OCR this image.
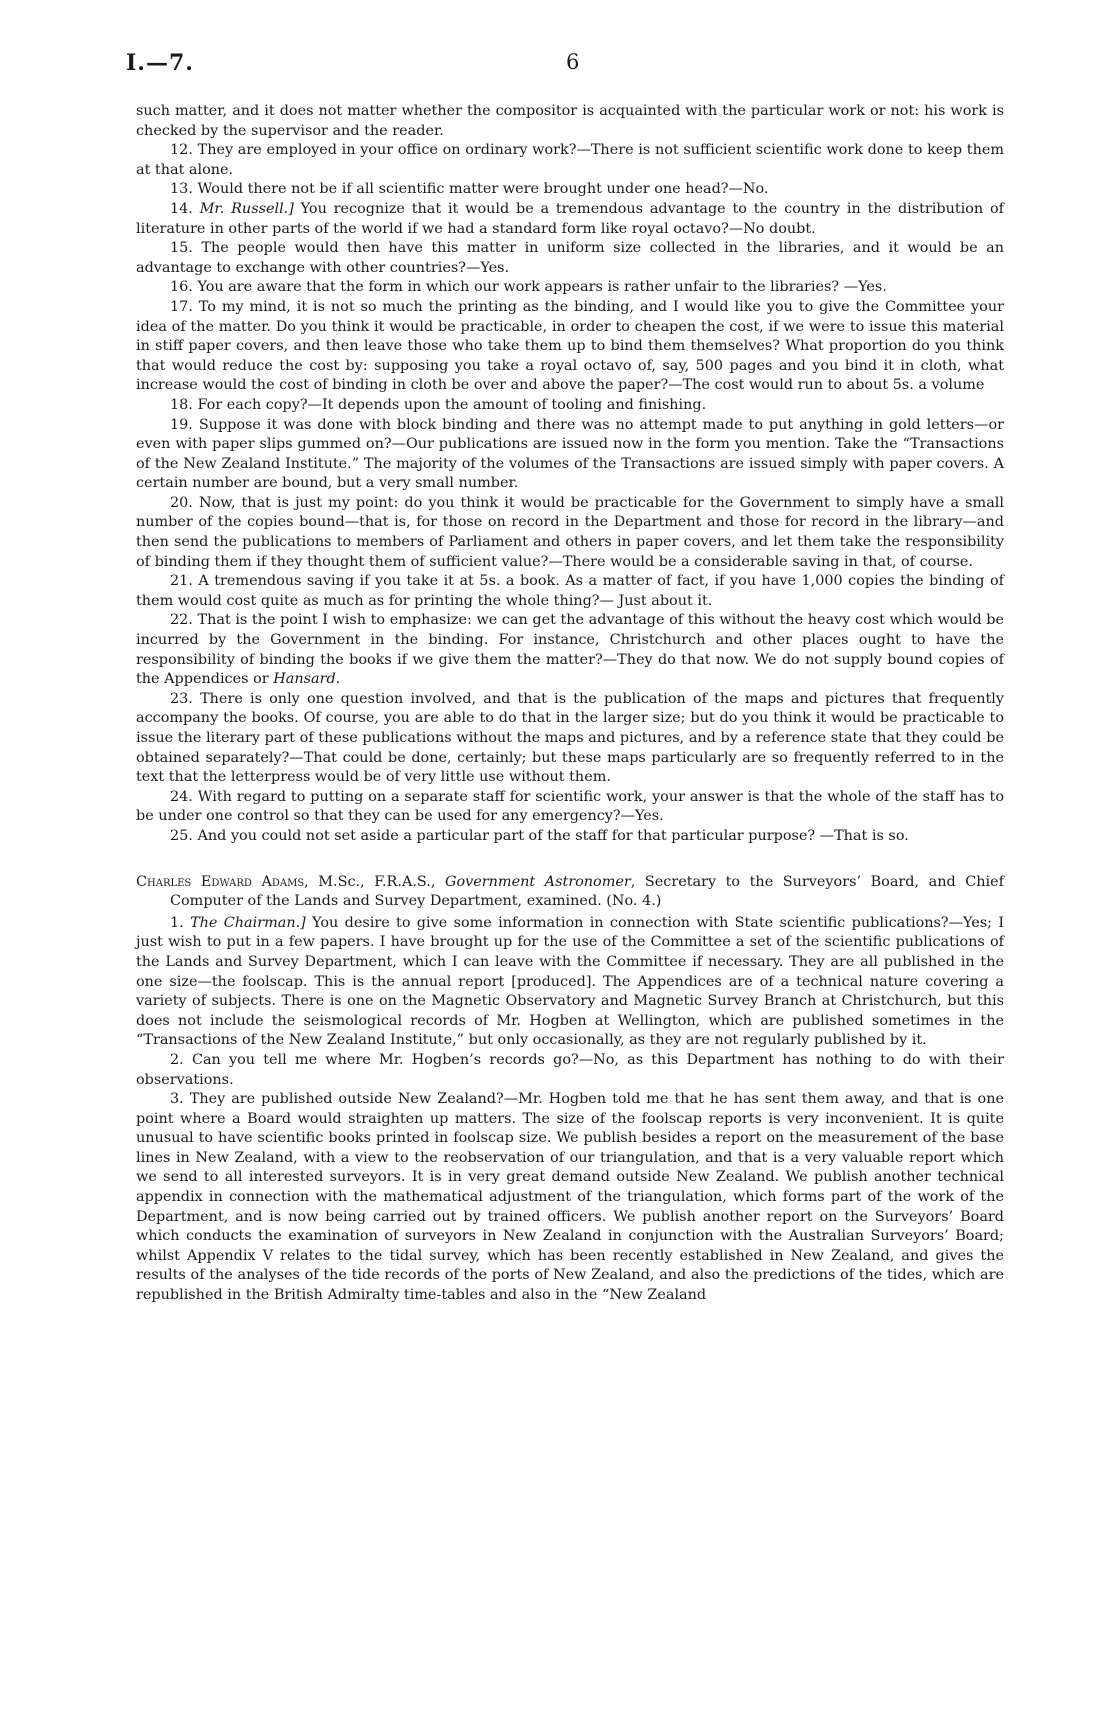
I.—7.	6

such matter, and it does not matter whether the compositor is acquainted with the particular work or not: his work is checked by the supervisor and the reader.

12. They are employed in your office on ordinary work?—There is not sufficient scientific work done to keep them at that alone.

13. Would there not be if all scientific matter were brought under one head?—No.

14. Mr. Russell.] You recognize that it would be a tremendous advantage to the country in the distribution of literature in other parts of the world if we had a standard form like royal octavo?—No doubt.

15. The people would then have this matter in uniform size collected in the libraries, and it would be an advantage to exchange with other countries?—Yes.

16. You are aware that the form in which our work appears is rather unfair to the libraries? —Yes.

17. To my mind, it is not so much the printing as the binding, and I would like you to give the Committee your idea of the matter. Do you think it would be practicable, in order to cheapen the cost, if we were to issue this material in stiff paper covers, and then leave those who take them up to bind them themselves? What proportion do you think that would reduce the cost by: supposing you take a royal octavo of, say, 500 pages and you bind it in cloth, what increase would the cost of binding in cloth be over and above the paper?—The cost would run to about 5s. a volume

18. For each copy?—It depends upon the amount of tooling and finishing.

19. Suppose it was done with block binding and there was no attempt made to put anything in gold letters—or even with paper slips gummed on?—Our publications are issued now in the form you mention. Take the “Transactions of the New Zealand Institute.” The majority of the volumes of the Transactions are issued simply with paper covers. A certain number are bound, but a very small number.

20. Now, that is just my point: do you think it would be practicable for the Government to simply have a small number of the copies bound—that is, for those on record in the Department and those for record in the library—and then send the publications to members of Parliament and others in paper covers, and let them take the responsibility of binding them if they thought them of sufficient value?—There would be a considerable saving in that, of course.

21. A tremendous saving if you take it at 5s. a book. As a matter of fact, if you have 1,000 copies the binding of them would cost quite as much as for printing the whole thing?— Just about it.

22. That is the point I wish to emphasize: we can get the advantage of this without the heavy cost which would be incurred by the Government in the binding. For instance, Christchurch and other places ought to have the responsibility of binding the books if we give them the matter?—They do that now. We do not supply bound copies of the Appendices or Hansard.

23. There is only one question involved, and that is the publication of the maps and pictures that frequently accompany the books. Of course, you are able to do that in the larger size; but do you think it would be practicable to issue the literary part of these publications without the maps and pictures, and by a reference state that they could be obtained separately?—That could be done, certainly; but these maps particularly are so frequently referred to in the text that the letterpress would be of very little use without them.

24. With regard to putting on a separate staff for scientific work, your answer is that the whole of the staff has to be under one control so that they can be used for any emergency?—Yes.

25. And you could not set aside a particular part of the staff for that particular purpose? —That is so.

Charles Edward Adams, M.Sc., F.R.A.S., Government Astronomer, Secretary to the Surveyors’ Board, and Chief Computer of the Lands and Survey Department, examined. (No. 4.)

1. The Chairman.] You desire to give some information in connection with State scientific publications?—Yes; I just wish to put in a few papers. I have brought up for the use of the Committee a set of the scientific publications of the Lands and Survey Department, which I can leave with the Committee if necessary. They are all published in the one size—the foolscap. This is the annual report [produced]. The Appendices are of a technical nature covering a variety of subjects. There is one on the Magnetic Observatory and Magnetic Survey Branch at Christchurch, but this does not include the seismological records of Mr. Hogben at Wellington, which are published sometimes in the “Transactions of the New Zealand Institute,” but only occasionally, as they are not regularly published by it.

2. Can you tell me where Mr. Hogben’s records go?—No, as this Department has nothing to do with their observations.

3. They are published outside New Zealand?—Mr. Hogben told me that he has sent them away, and that is one point where a Board would straighten up matters. The size of the foolscap reports is very inconvenient. It is quite unusual to have scientific books printed in foolscap size. We publish besides a report on the measurement of the base lines in New Zealand, with a view to the reobservation of our triangulation, and that is a very valuable report which we send to all interested surveyors. It is in very great demand outside New Zealand. We publish another technical appendix in connection with the mathematical adjustment of the triangulation, which forms part of the work of the Department, and is now being carried out by trained officers. We publish another report on the Surveyors’ Board which conducts the examination of surveyors in New Zealand in conjunction with the Australian Surveyors’ Board; whilst Appendix V relates to the tidal survey, which has been recently established in New Zealand, and gives the results of the analyses of the tide records of the ports of New Zealand, and also the predictions of the tides, which are republished in the British Admiralty time-tables and also in the “New Zealand
